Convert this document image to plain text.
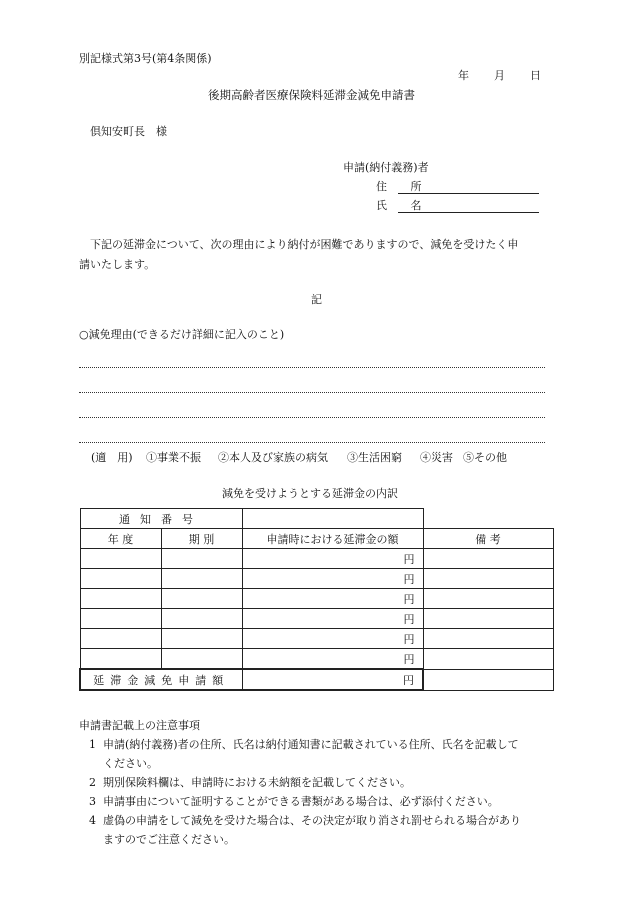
別記様式第3号(第4条関係)
年 月 日
後期高齢者医療保険料延滞金減免申請書
倶知安町長　様
申請(納付義務)者
住 所
氏 名
下記の延滞金について、次の理由により納付が困難でありますので、減免を受けたく申
請いたします。
記
○減免理由(できるだけ詳細に記入のこと)
(適　用) ①事業不振 ②本人及び家族の病気 ③生活困窮 ④災害 ⑤その他
減免を受けようとする延滞金の内訳
通知番号			
年 度	期 別	申請時における延滞金の額	備 考
		円	
		円	
		円	
		円	
		円	
		円	
延滞金減免申請額		円	
申請書記載上の注意事項
1 申請(納付義務)者の住所、氏名は納付通知書に記載されている住所、氏名を記載して
ください。
2 期別保険料欄は、申請時における未納額を記載してください。
3 申請事由について証明することができる書類がある場合は、必ず添付ください。
4 虚偽の申請をして減免を受けた場合は、その決定が取り消され罰せられる場合があり
ますのでご注意ください。
